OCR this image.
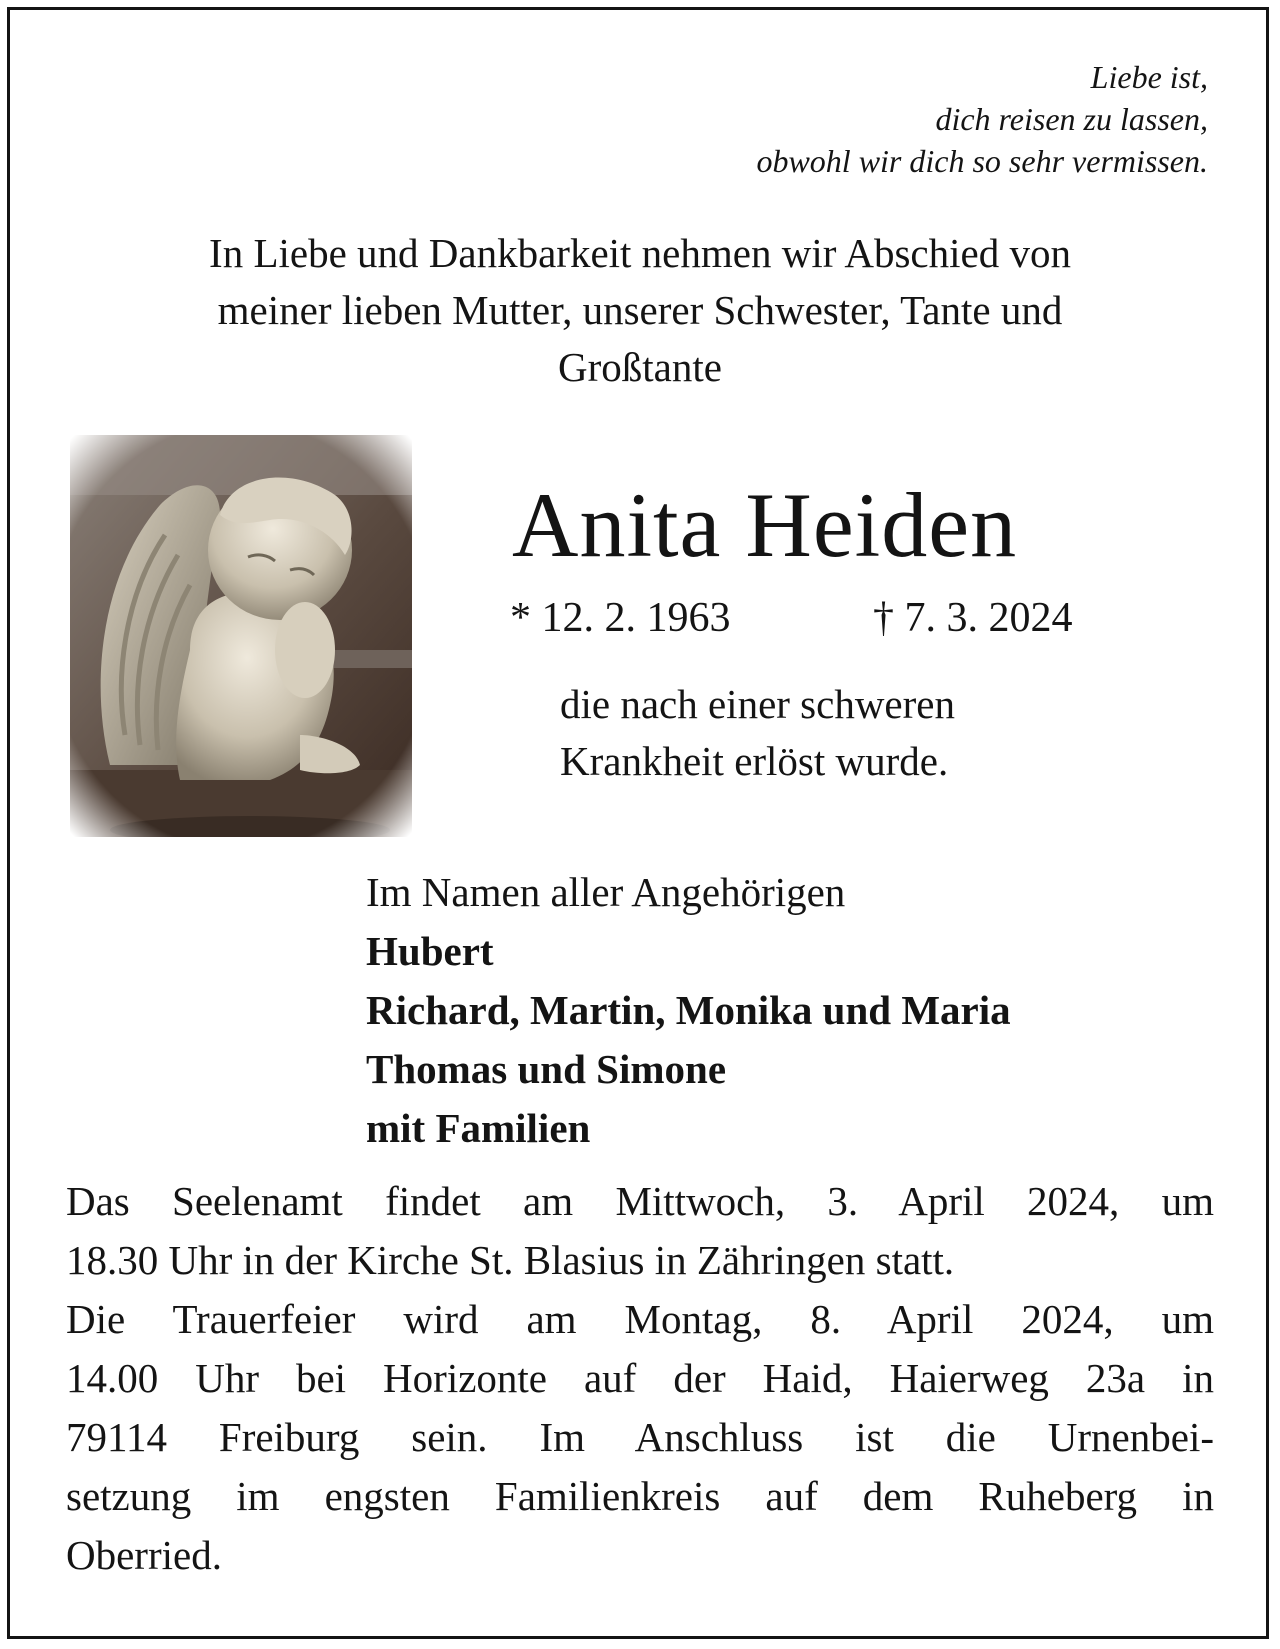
Liebe ist,
dich reisen zu lassen,
obwohl wir dich so sehr vermissen.
In Liebe und Dankbarkeit nehmen wir Abschied von
meiner lieben Mutter, unserer Schwester, Tante und
Großtante
Anita Heiden
* 12. 2. 1963	† 7. 3. 2024
die nach einer schweren
Krankheit erlöst wurde.
Im Namen aller Angehörigen
Hubert
Richard, Martin, Monika und Maria
Thomas und Simone
mit Familien
Das Seelenamt findet am Mittwoch, 3. April 2024, um
18.30 Uhr in der Kirche St. Blasius in Zähringen statt.
Die Trauerfeier wird am Montag, 8. April 2024, um
14.00 Uhr bei Horizonte auf der Haid, Haierweg 23a in
79114 Freiburg sein. Im Anschluss ist die Urnenbei-
setzung im engsten Familienkreis auf dem Ruheberg in
Oberried.
